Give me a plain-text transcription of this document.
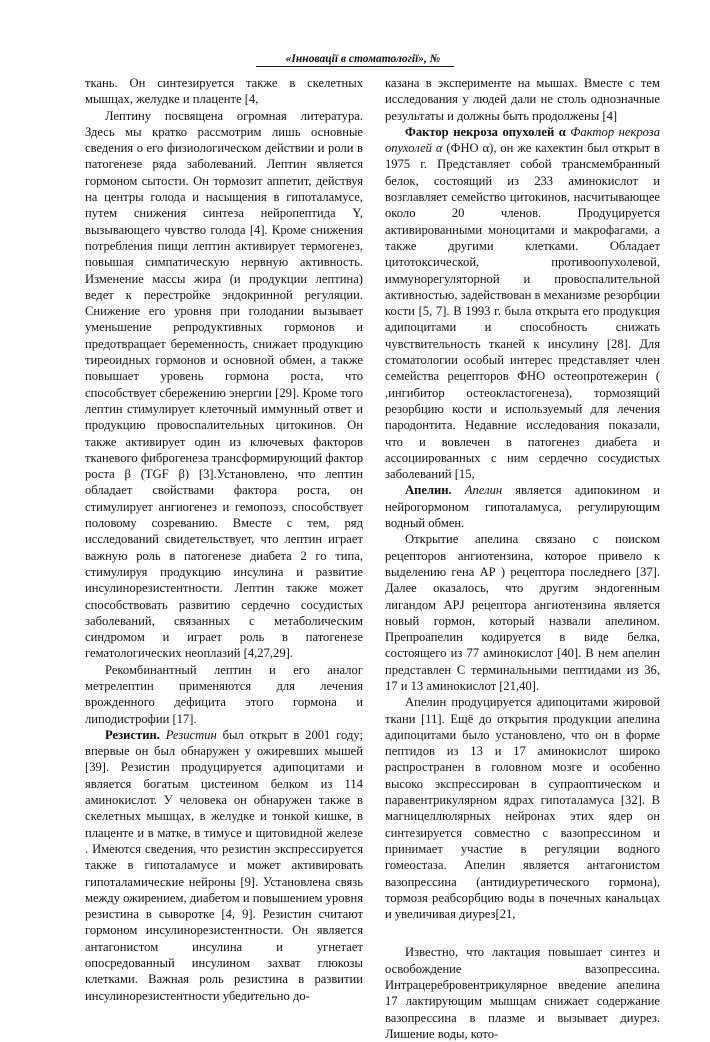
«Інновації в стоматології», №

ткань. Он синтезируется также в скелетных мышцах, желудке и плаценте [4,

Лептину посвящена огромная литература. Здесь мы кратко рассмотрим лишь основные сведения о его физиологическом действии и роли в патогенезе ряда заболеваний. Лептин является гормоном сытости. Он тормозит аппетит, действуя на центры голода и насыщения в гипоталамусе, путем снижения синтеза нейропептида Y, вызывающего чувство голода [4]. Кроме снижения потребления пищи лептин активирует термогенез, повышая симпатическую нервную активность. Изменение массы жира (и продукции лептина) ведет к перестройке эндокринной регуляции. Снижение его уровня при голодании вызывает уменьшение репродуктивных гормонов и предотвращает беременность, снижает продукцию тиреоидных гормонов и основной обмен, а также повышает уровень гормона роста, что способствует сбережению энергии [29]. Кроме того лептин стимулирует клеточный иммунный ответ и продукцию провоспалительных цитокинов. Он также активирует один из ключевых факторов тканевого фиброгенеза трансформирующий фактор роста β (TGF β) [3].Установлено, что лептин обладает свойствами фактора роста, он стимулирует ангиогенез и гемопоэз, способствует половому созреванию. Вместе с тем, ряд исследований свидетельствует, что лептин играет важную роль в патогенезе диабета 2 го типа, стимулируя продукцию инсулина и развитие инсулинорезистентности. Лептин также может способствовать развитию сердечно сосудистых заболеваний, связанных с метаболическим синдромом и играет роль в патогенезе гематологических неоплазий [4,27,29].

Рекомбинантный лептин и его аналог метрелептин применяются для лечения врожденного дефицита этого гормона и липодистрофии [17].

Резистин. Резистин был открыт в 2001 году; впервые он был обнаружен у ожиревших мышей [39]. Резистин продуцируется адипоцитами и является богатым цистеином белком из 114 аминокислот. У человека он обнаружен также в скелетных мышцах, в желудке и тонкой кишке, в плаценте и в матке, в тимусе и щитовидной железе . Имеются сведения, что резистин экспрессируется также в гипоталамусе и может активировать гипоталамические нейроны [9]. Установлена связь между ожирением, диабетом и повышением уровня резистина в сыворотке [4, 9]. Резистин считают гормоном инсулинорезистентности. Он является антагонистом инсулина и угнетает опосредованный инсулином захват глюкозы клетками. Важная роль резистина в развитии инсулинорезистентности убедительно до-

казана в эксперименте на мышах. Вместе с тем исследования у людей дали не столь однозначные результаты и должны быть продолжены [4]

Фактор некроза опухолей α Фактор некроза опухолей α (ФНО α), он же кахектин был открыт в 1975 г. Представляет собой трансмембранный белок, состоящий из 233 аминокислот и возглавляет семейство цитокинов, насчитывающее около 20 членов. Продуцируется активированными моноцитами и макрофагами, а также другими клетками. Обладает цитотоксической, противоопухолевой, иммунорегуляторной и провоспалительной активностью, задействован в механизме резорбции кости [5, 7]. В 1993 г. была открыта его продукция адипоцитами и способность снижать чувствительность тканей к инсулину [28]. Для стоматологии особый интерес представляет член семейства рецепторов ФНО остеопротежерин ( ,ингибитор остеокластогенеза), тормозящий резорбцию кости и используемый для лечения пародонтита. Недавние исследования показали, что и вовлечен в патогенез диабета и ассоциированных с ним сердечно сосудистых заболеваний [15,

Апелин. Апелин является адипокином и нейрогормоном гипоталамуса, регулирующим водный обмен.

Открытие апелина связано с поиском рецепторов ангиотензина, которое привело к выделению гена АР ) рецептора последнего [37]. Далее оказалось, что другим эндогенным лигандом APJ рецептора ангиотензина является новый гормон, который назвали апелином. Препроапелин кодируется в виде белка, состоящего из 77 аминокислот [40]. В нем апелин представлен С терминальными пептидами из 36, 17 и 13 аминокислот [21,40].

Апелин продуцируется адипоцитами жировой ткани [11]. Ещё до открытия продукции апелина адипоцитами было установлено, что он в форме пептидов из 13 и 17 аминокислот широко распространен в головном мозге и особенно высоко экспрессирован в супраоптическом и паравентрикулярном ядрах гипоталамуса [32]. В магницеллюлярных нейронах этих ядер он синтезируется совместно с вазопрессином и принимает участие в регуляции водного гомеостаза. Апелин является антагонистом вазопрессина (антидиуретического гормона), тормозя реабсорбцию воды в почечных канальцах и увеличивая диурез[21,

Известно, что лактация повышает синтез и освобождение вазопрессина. Интрацеребровентрикулярное введение апелина 17 лактирующим мышцам снижает содержание вазопрессина в плазме и вызывает диурез. Лишение воды, кото-
